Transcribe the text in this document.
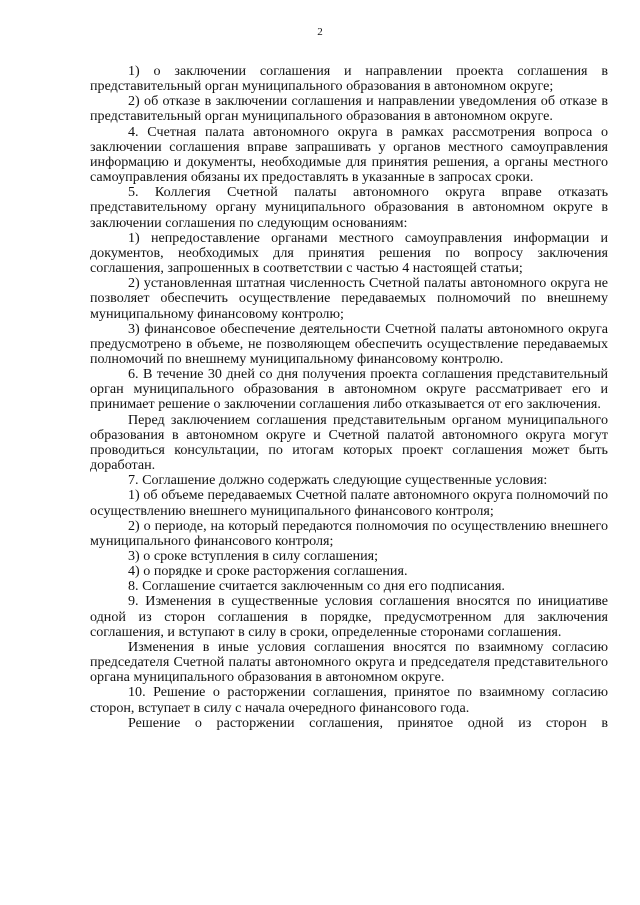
2

1) о заключении соглашения и направлении проекта соглашения в представительный орган муниципального образования в автономном округе;

2) об отказе в заключении соглашения и направлении уведомления об отказе в представительный орган муниципального образования в автономном округе.

4. Счетная палата автономного округа в рамках рассмотрения вопроса о заключении соглашения вправе запрашивать у органов местного самоуправления информацию и документы, необходимые для принятия решения, а органы местного самоуправления обязаны их предоставлять в указанные в запросах сроки.

5. Коллегия Счетной палаты автономного округа вправе отказать представительному органу муниципального образования в автономном округе в заключении соглашения по следующим основаниям:

1) непредоставление органами местного самоуправления информации и документов, необходимых для принятия решения по вопросу заключения соглашения, запрошенных в соответствии с частью 4 настоящей статьи;

2) установленная штатная численность Счетной палаты автономного округа не позволяет обеспечить осуществление передаваемых полномочий по внешнему муниципальному финансовому контролю;

3) финансовое обеспечение деятельности Счетной палаты автономного округа предусмотрено в объеме, не позволяющем обеспечить осуществление передаваемых полномочий по внешнему муниципальному финансовому контролю.

6. В течение 30 дней со дня получения проекта соглашения представительный орган муниципального образования в автономном округе рассматривает его и принимает решение о заключении соглашения либо отказывается от его заключения.

Перед заключением соглашения представительным органом муниципального образования в автономном округе и Счетной палатой автономного округа могут проводиться консультации, по итогам которых проект соглашения может быть доработан.

7. Соглашение должно содержать следующие существенные условия:

1) об объеме передаваемых Счетной палате автономного округа полномочий по осуществлению внешнего муниципального финансового контроля;

2) о периоде, на который передаются полномочия по осуществлению внешнего муниципального финансового контроля;

3) о сроке вступления в силу соглашения;

4) о порядке и сроке расторжения соглашения.

8. Соглашение считается заключенным со дня его подписания.

9. Изменения в существенные условия соглашения вносятся по инициативе одной из сторон соглашения в порядке, предусмотренном для заключения соглашения, и вступают в силу в сроки, определенные сторонами соглашения.

Изменения в иные условия соглашения вносятся по взаимному согласию председателя Счетной палаты автономного округа и председателя представительного органа муниципального образования в автономном округе.

10. Решение о расторжении соглашения, принятое по взаимному согласию сторон, вступает в силу с начала очередного финансового года.

Решение о расторжении соглашения, принятое одной из сторон в
